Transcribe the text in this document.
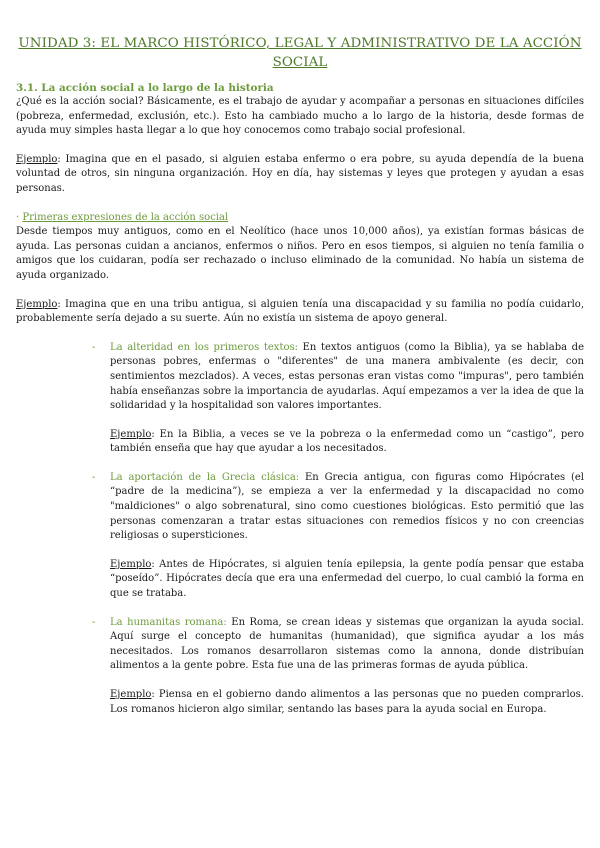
UNIDAD 3: EL MARCO HISTÓRICO, LEGAL Y ADMINISTRATIVO DE LA ACCIÓN SOCIAL
3.1. La acción social a lo largo de la historia

¿Qué es la acción social? Básicamente, es el trabajo de ayudar y acompañar a personas en situaciones difíciles (pobreza, enfermedad, exclusión, etc.). Esto ha cambiado mucho a lo largo de la historia, desde formas de ayuda muy simples hasta llegar a lo que hoy conocemos como trabajo social profesional.

Ejemplo: Imagina que en el pasado, si alguien estaba enfermo o era pobre, su ayuda dependía de la buena voluntad de otros, sin ninguna organización. Hoy en día, hay sistemas y leyes que protegen y ayudan a esas personas.

· Primeras expresiones de la acción social

Desde tiempos muy antiguos, como en el Neolítico (hace unos 10,000 años), ya existían formas básicas de ayuda. Las personas cuidan a ancianos, enfermos o niños. Pero en esos tiempos, si alguien no tenía familia o amigos que los cuidaran, podía ser rechazado o incluso eliminado de la comunidad. No había un sistema de ayuda organizado.

Ejemplo: Imagina que en una tribu antigua, si alguien tenía una discapacidad y su familia no podía cuidarlo, probablemente sería dejado a su suerte. Aún no existía un sistema de apoyo general.

- La alteridad en los primeros textos: En textos antiguos (como la Biblia), ya se hablaba de personas pobres, enfermas o "diferentes" de una manera ambivalente (es decir, con sentimientos mezclados). A veces, estas personas eran vistas como "impuras", pero también había enseñanzas sobre la importancia de ayudarlas. Aquí empezamos a ver la idea de que la solidaridad y la hospitalidad son valores importantes.

Ejemplo: En la Biblia, a veces se ve la pobreza o la enfermedad como un “castigo”, pero también enseña que hay que ayudar a los necesitados.

- La aportación de la Grecia clásica: En Grecia antigua, con figuras como Hipócrates (el “padre de la medicina”), se empieza a ver la enfermedad y la discapacidad no como "maldiciones" o algo sobrenatural, sino como cuestiones biológicas. Esto permitió que las personas comenzaran a tratar estas situaciones con remedios físicos y no con creencias religiosas o supersticiones.

Ejemplo: Antes de Hipócrates, si alguien tenía epilepsia, la gente podía pensar que estaba “poseído”. Hipócrates decía que era una enfermedad del cuerpo, lo cual cambió la forma en que se trataba.

- La humanitas romana: En Roma, se crean ideas y sistemas que organizan la ayuda social. Aquí surge el concepto de humanitas (humanidad), que significa ayudar a los más necesitados. Los romanos desarrollaron sistemas como la annona, donde distribuían alimentos a la gente pobre. Esta fue una de las primeras formas de ayuda pública.

Ejemplo: Piensa en el gobierno dando alimentos a las personas que no pueden comprarlos. Los romanos hicieron algo similar, sentando las bases para la ayuda social en Europa.
